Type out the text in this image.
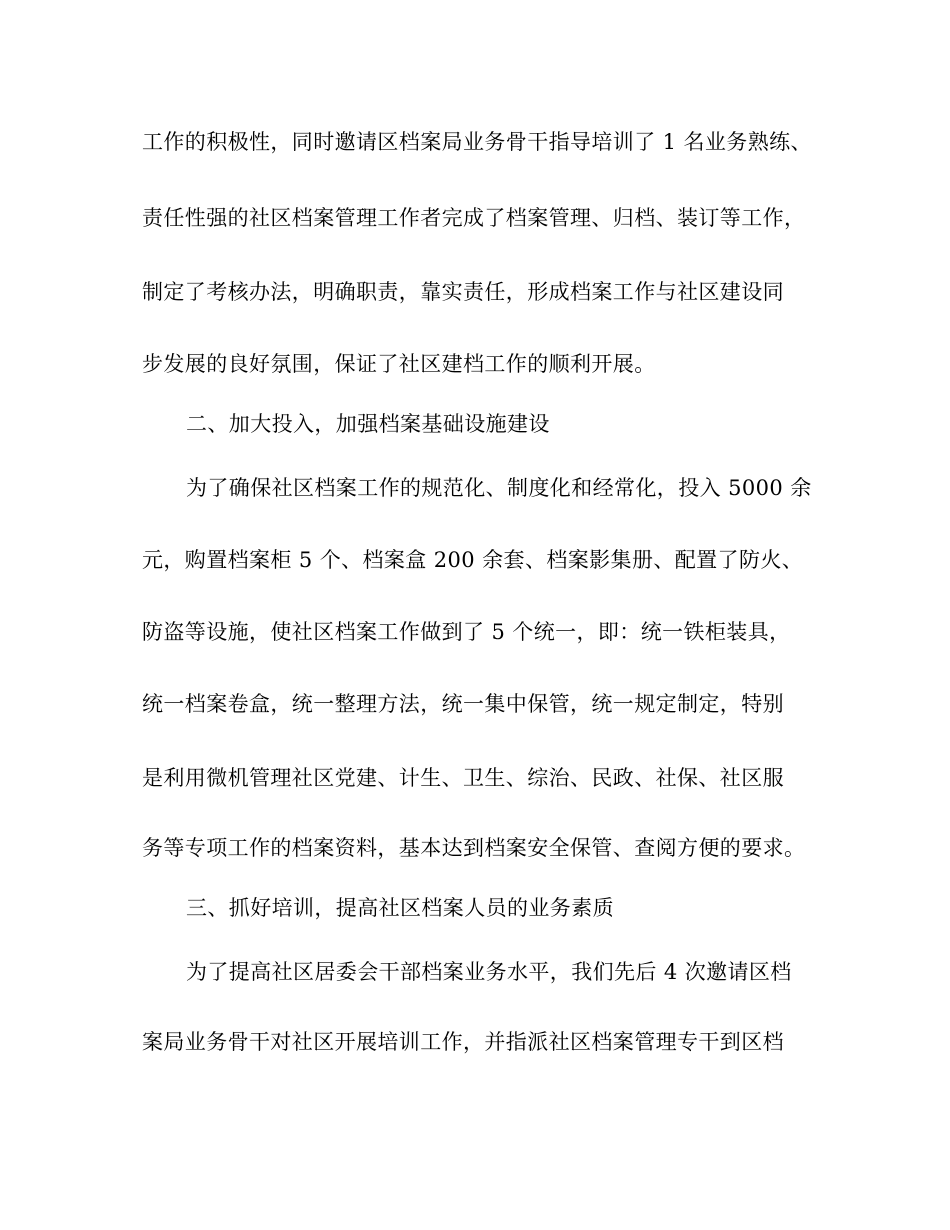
工作的积极性，同时邀请区档案局业务骨干指导培训了 1 名业务熟练、
责任性强的社区档案管理工作者完成了档案管理、归档、装订等工作，
制定了考核办法，明确职责，靠实责任，形成档案工作与社区建设同
步发展的良好氛围，保证了社区建档工作的顺利开展。
二、加大投入，加强档案基础设施建设
为了确保社区档案工作的规范化、制度化和经常化，投入 5000 余
元，购置档案柜 5 个、档案盒 200 余套、档案影集册、配置了防火、
防盗等设施，使社区档案工作做到了 5 个统一，即：统一铁柜装具，
统一档案卷盒，统一整理方法，统一集中保管，统一规定制定，特别
是利用微机管理社区党建、计生、卫生、综治、民政、社保、社区服
务等专项工作的档案资料，基本达到档案安全保管、查阅方便的要求。
三、抓好培训，提高社区档案人员的业务素质
为了提高社区居委会干部档案业务水平，我们先后 4 次邀请区档
案局业务骨干对社区开展培训工作，并指派社区档案管理专干到区档
